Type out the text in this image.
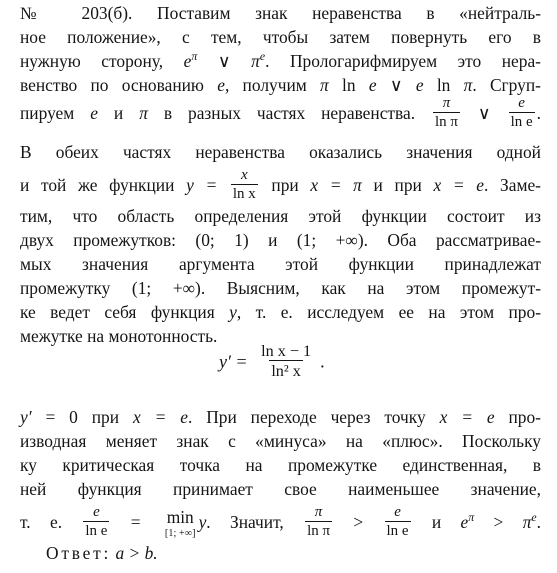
№ 203(б). Поставим знак неравенства в «нейтраль-
ное положение», с тем, чтобы затем повернуть его в
нужную сторону, $e^\pi$ ∨ $\pi^e$. Прологарифмируем это нера-
венство по основанию e, получим π ln e ∨ e ln π. Сгруп-
пируем e и π в разных частях неравенства. $\frac{\pi}{\text{ln π}}$ ∨ $\frac{e}{\text{ln e}}$ .
В обеих частях неравенства оказались значения одной
и той же функции $y = \frac{x}{\text{ln x}}$ при x = π и при x = e. Заме-
тим, что область определения этой функции состоит из
двух промежутков: (0; 1) и (1; +∞). Оба рассматривае-
мых значения аргумента этой функции принадлежат
промежутку (1; +∞). Выясним, как на этом промежут-
ке ведет себя функция y, т. е. исследуем ее на этом про-
межутке на монотонность.
$y' = \frac{\text{ln x − 1}}{\text{ln² x}}$ .
y′ = 0 при x = e. При переходе через точку x = e про-
изводная меняет знак с «минуса» на «плюс». Поскольку
ку критическая точка на промежутке единственная, в
ней функция принимает свое наименьшее значение,
т. е. $\frac{e}{\text{ln e}} = \min$
[1; +∞]
y. Значит, $\frac{\pi}{\text{ln π}} > \frac{e}{\text{ln e}}$ и $e^\pi > \pi^e$.
Ответ: a > b.
